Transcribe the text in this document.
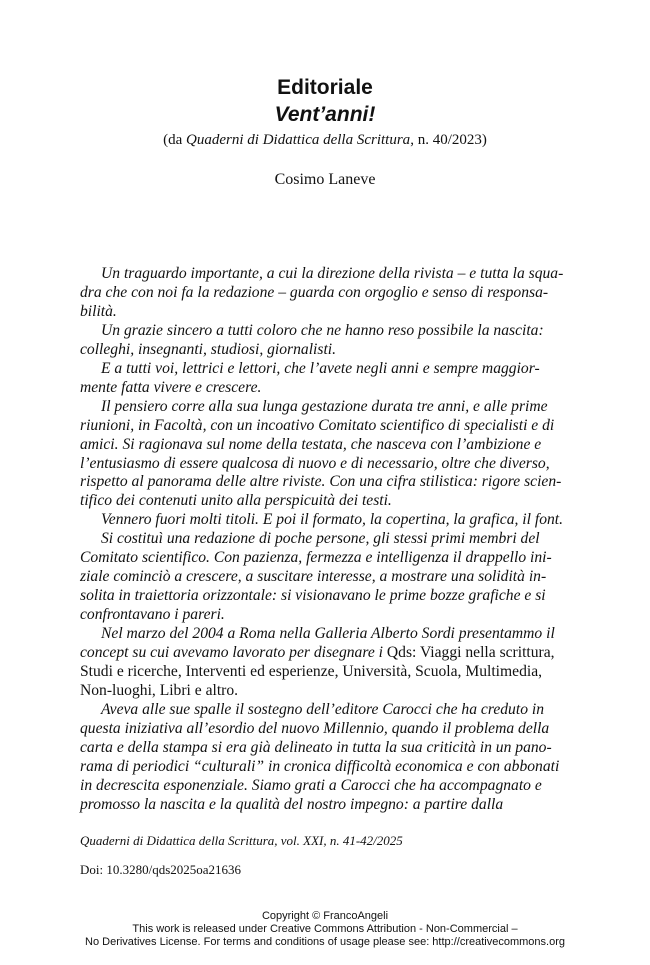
Editoriale
Vent’anni!
(da Quaderni di Didattica della Scrittura, n. 40/2023)
Cosimo Laneve
Un traguardo importante, a cui la direzione della rivista – e tutta la squa-
dra che con noi fa la redazione – guarda con orgoglio e senso di responsa-
bilità.
Un grazie sincero a tutti coloro che ne hanno reso possibile la nascita:
colleghi, insegnanti, studiosi, giornalisti.
E a tutti voi, lettrici e lettori, che l’avete negli anni e sempre maggior-
mente fatta vivere e crescere.
Il pensiero corre alla sua lunga gestazione durata tre anni, e alle prime
riunioni, in Facoltà, con un incoativo Comitato scientifico di specialisti e di
amici. Si ragionava sul nome della testata, che nasceva con l’ambizione e
l’entusiasmo di essere qualcosa di nuovo e di necessario, oltre che diverso,
rispetto al panorama delle altre riviste. Con una cifra stilistica: rigore scien-
tifico dei contenuti unito alla perspicuità dei testi.
Vennero fuori molti titoli. E poi il formato, la copertina, la grafica, il font.
Si costituì una redazione di poche persone, gli stessi primi membri del
Comitato scientifico. Con pazienza, fermezza e intelligenza il drappello ini-
ziale cominciò a crescere, a suscitare interesse, a mostrare una solidità in-
solita in traiettoria orizzontale: si visionavano le prime bozze grafiche e si
confrontavano i pareri.
Nel marzo del 2004 a Roma nella Galleria Alberto Sordi presentammo il
concept su cui avevamo lavorato per disegnare i Qds: Viaggi nella scrittura,
Studi e ricerche, Interventi ed esperienze, Università, Scuola, Multimedia,
Non-luoghi, Libri e altro.
Aveva alle sue spalle il sostegno dell’editore Carocci che ha creduto in
questa iniziativa all’esordio del nuovo Millennio, quando il problema della
carta e della stampa si era già delineato in tutta la sua criticità in un pano-
rama di periodici “culturali” in cronica difficoltà economica e con abbonati
in decrescita esponenziale. Siamo grati a Carocci che ha accompagnato e
promosso la nascita e la qualità del nostro impegno: a partire dalla
Quaderni di Didattica della Scrittura, vol. XXI, n. 41-42/2025
Doi: 10.3280/qds2025oa21636
Copyright © FrancoAngeli
This work is released under Creative Commons Attribution - Non-Commercial –
No Derivatives License. For terms and conditions of usage please see: http://creativecommons.org
